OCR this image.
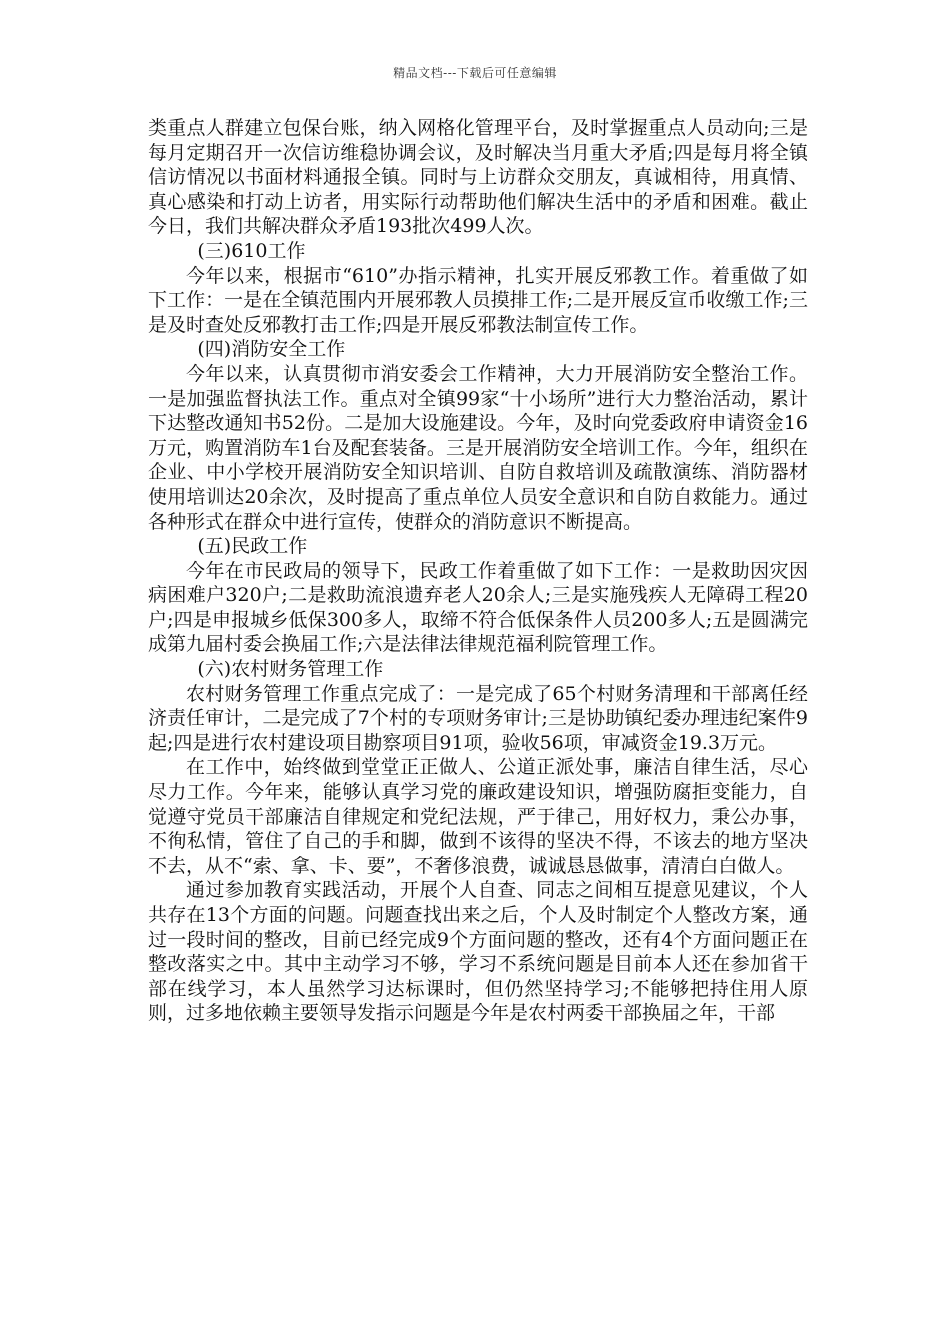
精品文档---下载后可任意编辑

类重点人群建立包保台账，纳入网格化管理平台，及时掌握重点人员动向;三是每月定期召开一次信访维稳协调会议，及时解决当月重大矛盾;四是每月将全镇信访情况以书面材料通报全镇。同时与上访群众交朋友，真诚相待，用真情、真心感染和打动上访者，用实际行动帮助他们解决生活中的矛盾和困难。截止今日，我们共解决群众矛盾193批次499人次。

(三)610工作

今年以来，根据市“610”办指示精神，扎实开展反邪教工作。着重做了如下工作：一是在全镇范围内开展邪教人员摸排工作;二是开展反宣币收缴工作;三是及时查处反邪教打击工作;四是开展反邪教法制宣传工作。

(四)消防安全工作

今年以来，认真贯彻市消安委会工作精神，大力开展消防安全整治工作。一是加强监督执法工作。重点对全镇99家“十小场所”进行大力整治活动，累计下达整改通知书52份。二是加大设施建设。今年，及时向党委政府申请资金16万元，购置消防车1台及配套装备。三是开展消防安全培训工作。今年，组织在企业、中小学校开展消防安全知识培训、自防自救培训及疏散演练、消防器材使用培训达20余次，及时提高了重点单位人员安全意识和自防自救能力。通过各种形式在群众中进行宣传，使群众的消防意识不断提高。

(五)民政工作

今年在市民政局的领导下，民政工作着重做了如下工作：一是救助因灾因病困难户320户;二是救助流浪遗弃老人20余人;三是实施残疾人无障碍工程20户;四是申报城乡低保300多人，取缔不符合低保条件人员200多人;五是圆满完成第九届村委会换届工作;六是法律法律规范福利院管理工作。

(六)农村财务管理工作

农村财务管理工作重点完成了：一是完成了65个村财务清理和干部离任经济责任审计，二是完成了7个村的专项财务审计;三是协助镇纪委办理违纪案件9起;四是进行农村建设项目勘察项目91项，验收56项，审减资金19.3万元。

在工作中，始终做到堂堂正正做人、公道正派处事，廉洁自律生活，尽心尽力工作。今年来，能够认真学习党的廉政建设知识，增强防腐拒变能力，自觉遵守党员干部廉洁自律规定和党纪法规，严于律己，用好权力，秉公办事，不徇私情，管住了自己的手和脚，做到不该得的坚决不得，不该去的地方坚决不去，从不“索、拿、卡、要”，不奢侈浪费，诚诚恳恳做事，清清白白做人。

通过参加教育实践活动，开展个人自查、同志之间相互提意见建议，个人共存在13个方面的问题。问题查找出来之后，个人及时制定个人整改方案，通过一段时间的整改，目前已经完成9个方面问题的整改，还有4个方面问题正在整改落实之中。其中主动学习不够，学习不系统问题是目前本人还在参加省干部在线学习，本人虽然学习达标课时，但仍然坚持学习;不能够把持住用人原则，过多地依赖主要领导发指示问题是今年是农村两委干部换届之年，干部
